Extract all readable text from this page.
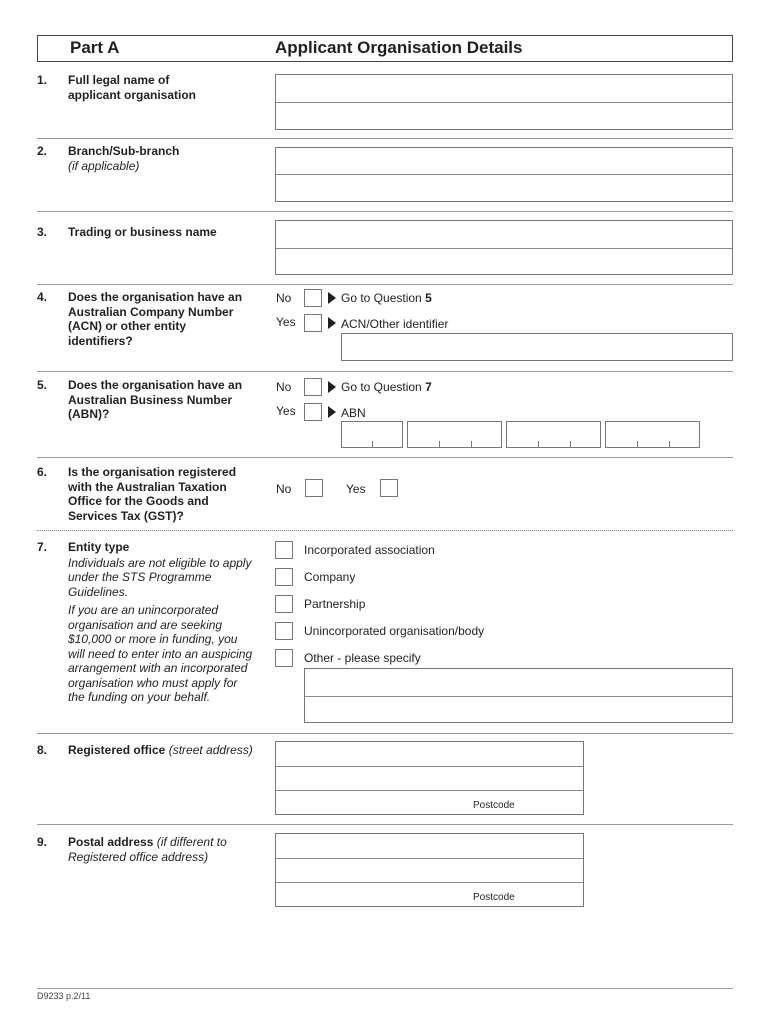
Part A	Applicant Organisation Details
1. Full legal name of applicant organisation
2. Branch/Sub-branch
(if applicable)
3. Trading or business name
4. Does the organisation have an Australian Company Number (ACN) or other entity identifiers?
No	Go to Question 5
Yes	ACN/Other identifier
5. Does the organisation have an Australian Business Number (ABN)?
No	Go to Question 7
Yes	ABN
6. Is the organisation registered with the Australian Taxation Office for the Goods and Services Tax (GST)?
No	Yes
7. Entity type
Individuals are not eligible to apply under the STS Programme Guidelines.
If you are an unincorporated organisation and are seeking $10,000 or more in funding, you will need to enter into an auspicing arrangement with an incorporated organisation who must apply for the funding on your behalf.
Incorporated association
Company
Partnership
Unincorporated organisation/body
Other - please specify
8. Registered office (street address)
Postcode
9. Postal address (if different to Registered office address)
Postcode
D9233 p.2/11
